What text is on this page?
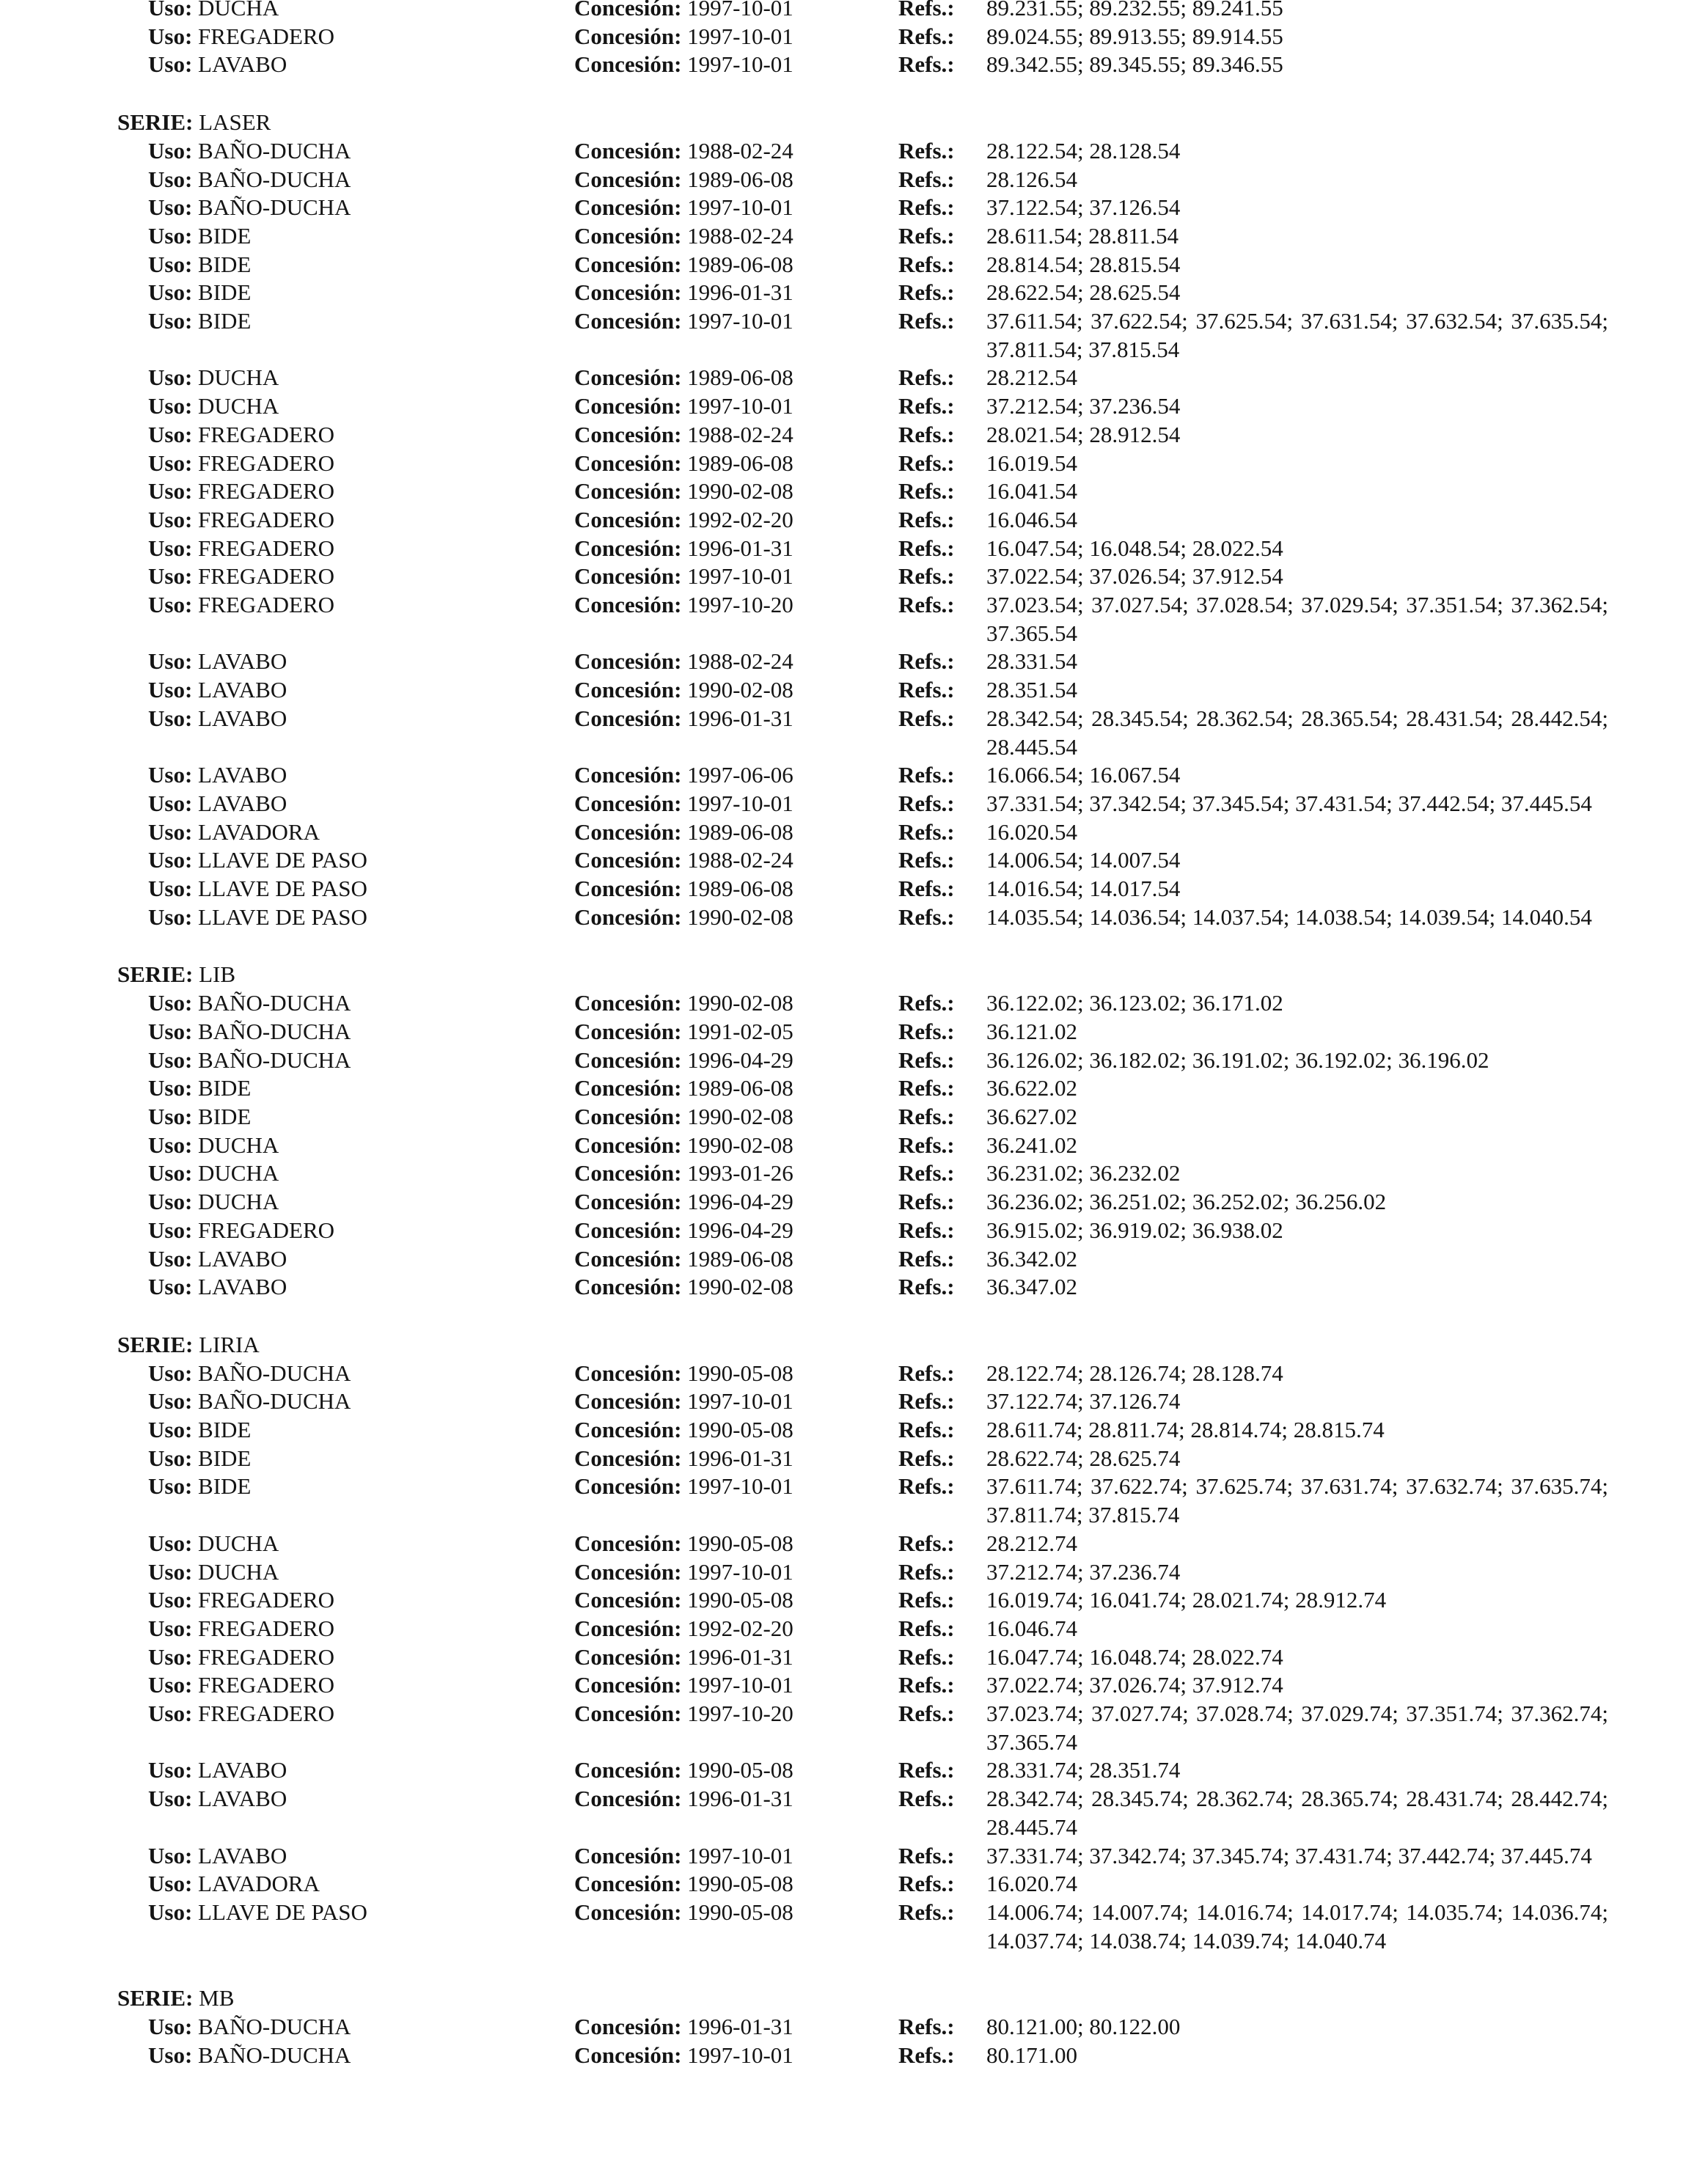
Uso: DUCHA	Concesión: 1997-10-01	Refs.: 89.231.55; 89.232.55; 89.241.55
Uso: FREGADERO	Concesión: 1997-10-01	Refs.: 89.024.55; 89.913.55; 89.914.55
Uso: LAVABO	Concesión: 1997-10-01	Refs.: 89.342.55; 89.345.55; 89.346.55
SERIE: LASER
Uso: BAÑO-DUCHA	Concesión: 1988-02-24	Refs.: 28.122.54; 28.128.54
Uso: BAÑO-DUCHA	Concesión: 1989-06-08	Refs.: 28.126.54
Uso: BAÑO-DUCHA	Concesión: 1997-10-01	Refs.: 37.122.54; 37.126.54
Uso: BIDE	Concesión: 1988-02-24	Refs.: 28.611.54; 28.811.54
Uso: BIDE	Concesión: 1989-06-08	Refs.: 28.814.54; 28.815.54
Uso: BIDE	Concesión: 1996-01-31	Refs.: 28.622.54; 28.625.54
Uso: BIDE	Concesión: 1997-10-01	Refs.: 37.611.54; 37.622.54; 37.625.54; 37.631.54; 37.632.54; 37.635.54; 37.811.54; 37.815.54
Uso: DUCHA	Concesión: 1989-06-08	Refs.: 28.212.54
Uso: DUCHA	Concesión: 1997-10-01	Refs.: 37.212.54; 37.236.54
Uso: FREGADERO	Concesión: 1988-02-24	Refs.: 28.021.54; 28.912.54
Uso: FREGADERO	Concesión: 1989-06-08	Refs.: 16.019.54
Uso: FREGADERO	Concesión: 1990-02-08	Refs.: 16.041.54
Uso: FREGADERO	Concesión: 1992-02-20	Refs.: 16.046.54
Uso: FREGADERO	Concesión: 1996-01-31	Refs.: 16.047.54; 16.048.54; 28.022.54
Uso: FREGADERO	Concesión: 1997-10-01	Refs.: 37.022.54; 37.026.54; 37.912.54
Uso: FREGADERO	Concesión: 1997-10-20	Refs.: 37.023.54; 37.027.54; 37.028.54; 37.029.54; 37.351.54; 37.362.54; 37.365.54
Uso: LAVABO	Concesión: 1988-02-24	Refs.: 28.331.54
Uso: LAVABO	Concesión: 1990-02-08	Refs.: 28.351.54
Uso: LAVABO	Concesión: 1996-01-31	Refs.: 28.342.54; 28.345.54; 28.362.54; 28.365.54; 28.431.54; 28.442.54; 28.445.54
Uso: LAVABO	Concesión: 1997-06-06	Refs.: 16.066.54; 16.067.54
Uso: LAVABO	Concesión: 1997-10-01	Refs.: 37.331.54; 37.342.54; 37.345.54; 37.431.54; 37.442.54; 37.445.54
Uso: LAVADORA	Concesión: 1989-06-08	Refs.: 16.020.54
Uso: LLAVE DE PASO	Concesión: 1988-02-24	Refs.: 14.006.54; 14.007.54
Uso: LLAVE DE PASO	Concesión: 1989-06-08	Refs.: 14.016.54; 14.017.54
Uso: LLAVE DE PASO	Concesión: 1990-02-08	Refs.: 14.035.54; 14.036.54; 14.037.54; 14.038.54; 14.039.54; 14.040.54
SERIE: LIB
Uso: BAÑO-DUCHA	Concesión: 1990-02-08	Refs.: 36.122.02; 36.123.02; 36.171.02
Uso: BAÑO-DUCHA	Concesión: 1991-02-05	Refs.: 36.121.02
Uso: BAÑO-DUCHA	Concesión: 1996-04-29	Refs.: 36.126.02; 36.182.02; 36.191.02; 36.192.02; 36.196.02
Uso: BIDE	Concesión: 1989-06-08	Refs.: 36.622.02
Uso: BIDE	Concesión: 1990-02-08	Refs.: 36.627.02
Uso: DUCHA	Concesión: 1990-02-08	Refs.: 36.241.02
Uso: DUCHA	Concesión: 1993-01-26	Refs.: 36.231.02; 36.232.02
Uso: DUCHA	Concesión: 1996-04-29	Refs.: 36.236.02; 36.251.02; 36.252.02; 36.256.02
Uso: FREGADERO	Concesión: 1996-04-29	Refs.: 36.915.02; 36.919.02; 36.938.02
Uso: LAVABO	Concesión: 1989-06-08	Refs.: 36.342.02
Uso: LAVABO	Concesión: 1990-02-08	Refs.: 36.347.02
SERIE: LIRIA
Uso: BAÑO-DUCHA	Concesión: 1990-05-08	Refs.: 28.122.74; 28.126.74; 28.128.74
Uso: BAÑO-DUCHA	Concesión: 1997-10-01	Refs.: 37.122.74; 37.126.74
Uso: BIDE	Concesión: 1990-05-08	Refs.: 28.611.74; 28.811.74; 28.814.74; 28.815.74
Uso: BIDE	Concesión: 1996-01-31	Refs.: 28.622.74; 28.625.74
Uso: BIDE	Concesión: 1997-10-01	Refs.: 37.611.74; 37.622.74; 37.625.74; 37.631.74; 37.632.74; 37.635.74; 37.811.74; 37.815.74
Uso: DUCHA	Concesión: 1990-05-08	Refs.: 28.212.74
Uso: DUCHA	Concesión: 1997-10-01	Refs.: 37.212.74; 37.236.74
Uso: FREGADERO	Concesión: 1990-05-08	Refs.: 16.019.74; 16.041.74; 28.021.74; 28.912.74
Uso: FREGADERO	Concesión: 1992-02-20	Refs.: 16.046.74
Uso: FREGADERO	Concesión: 1996-01-31	Refs.: 16.047.74; 16.048.74; 28.022.74
Uso: FREGADERO	Concesión: 1997-10-01	Refs.: 37.022.74; 37.026.74; 37.912.74
Uso: FREGADERO	Concesión: 1997-10-20	Refs.: 37.023.74; 37.027.74; 37.028.74; 37.029.74; 37.351.74; 37.362.74; 37.365.74
Uso: LAVABO	Concesión: 1990-05-08	Refs.: 28.331.74; 28.351.74
Uso: LAVABO	Concesión: 1996-01-31	Refs.: 28.342.74; 28.345.74; 28.362.74; 28.365.74; 28.431.74; 28.442.74; 28.445.74
Uso: LAVABO	Concesión: 1997-10-01	Refs.: 37.331.74; 37.342.74; 37.345.74; 37.431.74; 37.442.74; 37.445.74
Uso: LAVADORA	Concesión: 1990-05-08	Refs.: 16.020.74
Uso: LLAVE DE PASO	Concesión: 1990-05-08	Refs.: 14.006.74; 14.007.74; 14.016.74; 14.017.74; 14.035.74; 14.036.74; 14.037.74; 14.038.74; 14.039.74; 14.040.74
SERIE: MB
Uso: BAÑO-DUCHA	Concesión: 1996-01-31	Refs.: 80.121.00; 80.122.00
Uso: BAÑO-DUCHA	Concesión: 1997-10-01	Refs.: 80.171.00
